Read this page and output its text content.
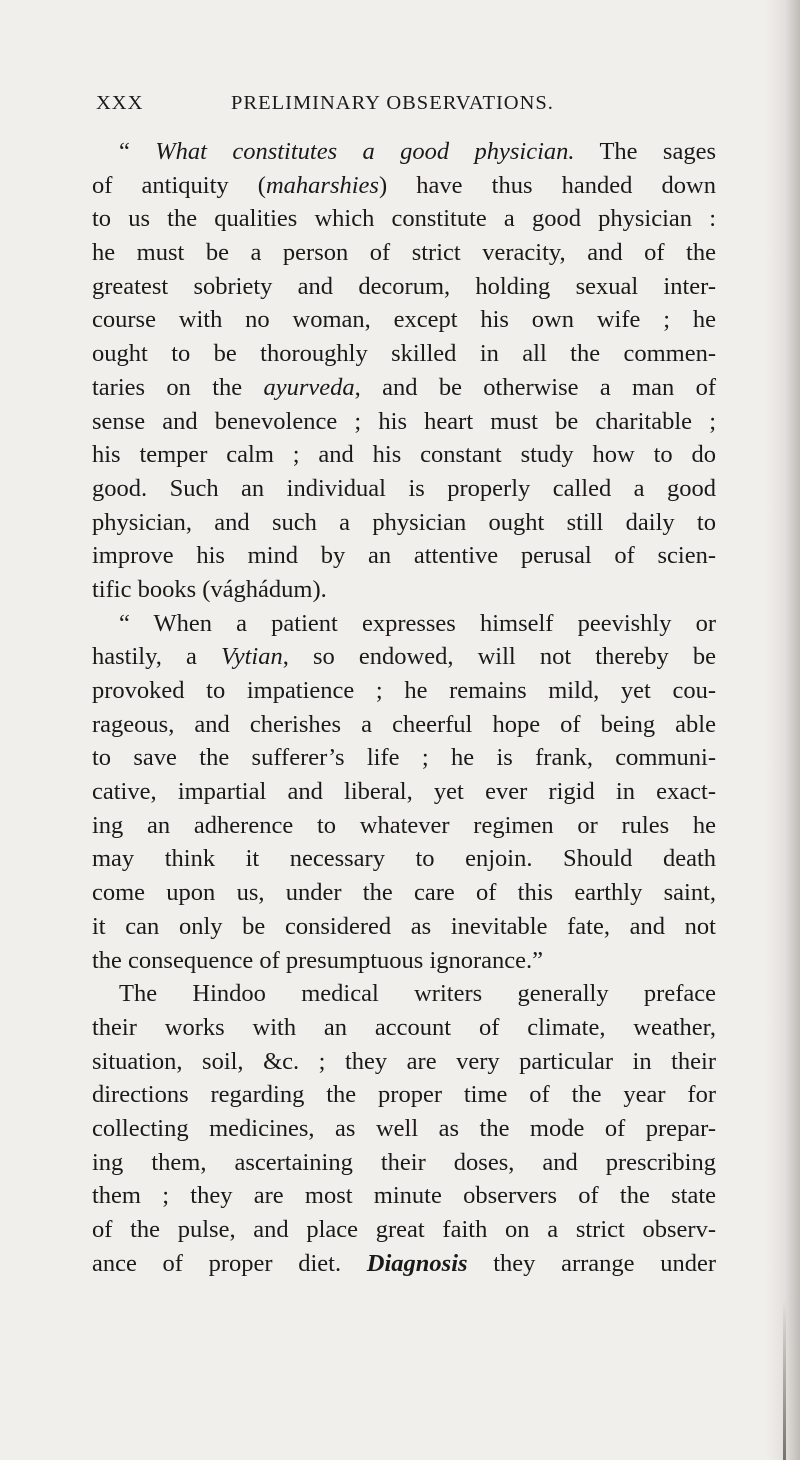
XXX	PRELIMINARY OBSERVATIONS.
“ What constitutes a good physician. The sages
of antiquity (maharshies) have thus handed down
to us the qualities which constitute a good physician :
he must be a person of strict veracity, and of the
greatest sobriety and decorum, holding sexual inter-
course with no woman, except his own wife ; he
ought to be thoroughly skilled in all the commen-
taries on the ayurveda, and be otherwise a man of
sense and benevolence ; his heart must be charitable ;
his temper calm ; and his constant study how to do
good. Such an individual is properly called a good
physician, and such a physician ought still daily to
improve his mind by an attentive perusal of scien-
tific books (vághádum).
“ When a patient expresses himself peevishly or
hastily, a Vytian, so endowed, will not thereby be
provoked to impatience ; he remains mild, yet cou-
rageous, and cherishes a cheerful hope of being able
to save the sufferer’s life ; he is frank, communi-
cative, impartial and liberal, yet ever rigid in exact-
ing an adherence to whatever regimen or rules he
may think it necessary to enjoin. Should death
come upon us, under the care of this earthly saint,
it can only be considered as inevitable fate, and not
the consequence of presumptuous ignorance.”
The Hindoo medical writers generally preface
their works with an account of climate, weather,
situation, soil, &c. ; they are very particular in their
directions regarding the proper time of the year for
collecting medicines, as well as the mode of prepar-
ing them, ascertaining their doses, and prescribing
them ; they are most minute observers of the state
of the pulse, and place great faith on a strict observ-
ance of proper diet. Diagnosis they arrange under
